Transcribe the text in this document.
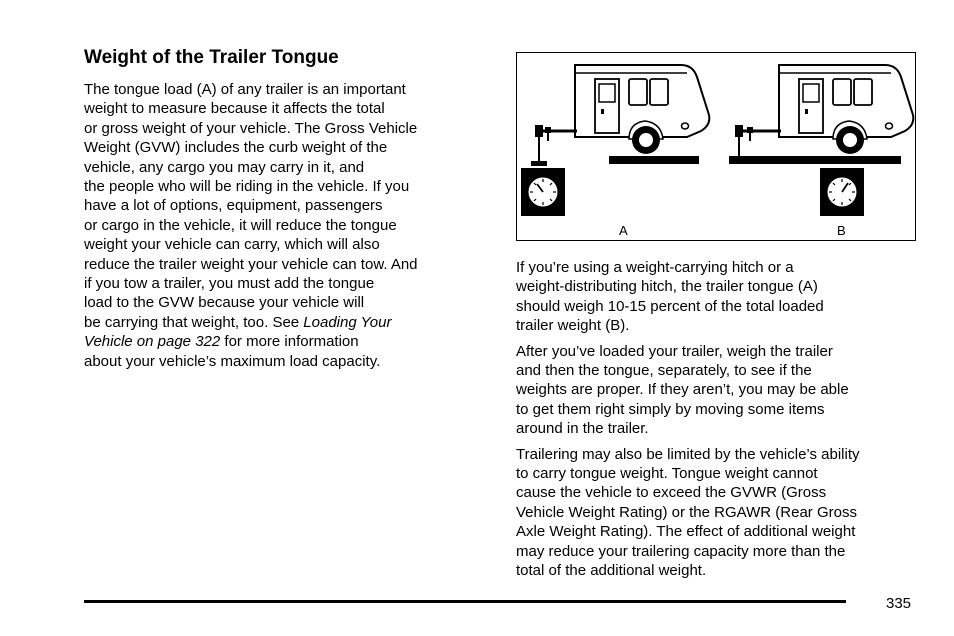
Weight of the Trailer Tongue
The tongue load (A) of any trailer is an important
weight to measure because it affects the total
or gross weight of your vehicle. The Gross Vehicle
Weight (GVW) includes the curb weight of the
vehicle, any cargo you may carry in it, and
the people who will be riding in the vehicle. If you
have a lot of options, equipment, passengers
or cargo in the vehicle, it will reduce the tongue
weight your vehicle can carry, which will also
reduce the trailer weight your vehicle can tow. And
if you tow a trailer, you must add the tongue
load to the GVW because your vehicle will
be carrying that weight, too. See Loading Your
Vehicle on page 322 for more information
about your vehicle’s maximum load capacity.
A	B

If you’re using a weight-carrying hitch or a
weight-distributing hitch, the trailer tongue (A)
should weigh 10-15 percent of the total loaded
trailer weight (B).

After you’ve loaded your trailer, weigh the trailer
and then the tongue, separately, to see if the
weights are proper. If they aren’t, you may be able
to get them right simply by moving some items
around in the trailer.

Trailering may also be limited by the vehicle’s ability
to carry tongue weight. Tongue weight cannot
cause the vehicle to exceed the GVWR (Gross
Vehicle Weight Rating) or the RGAWR (Rear Gross
Axle Weight Rating). The effect of additional weight
may reduce your trailering capacity more than the
total of the additional weight.

335
